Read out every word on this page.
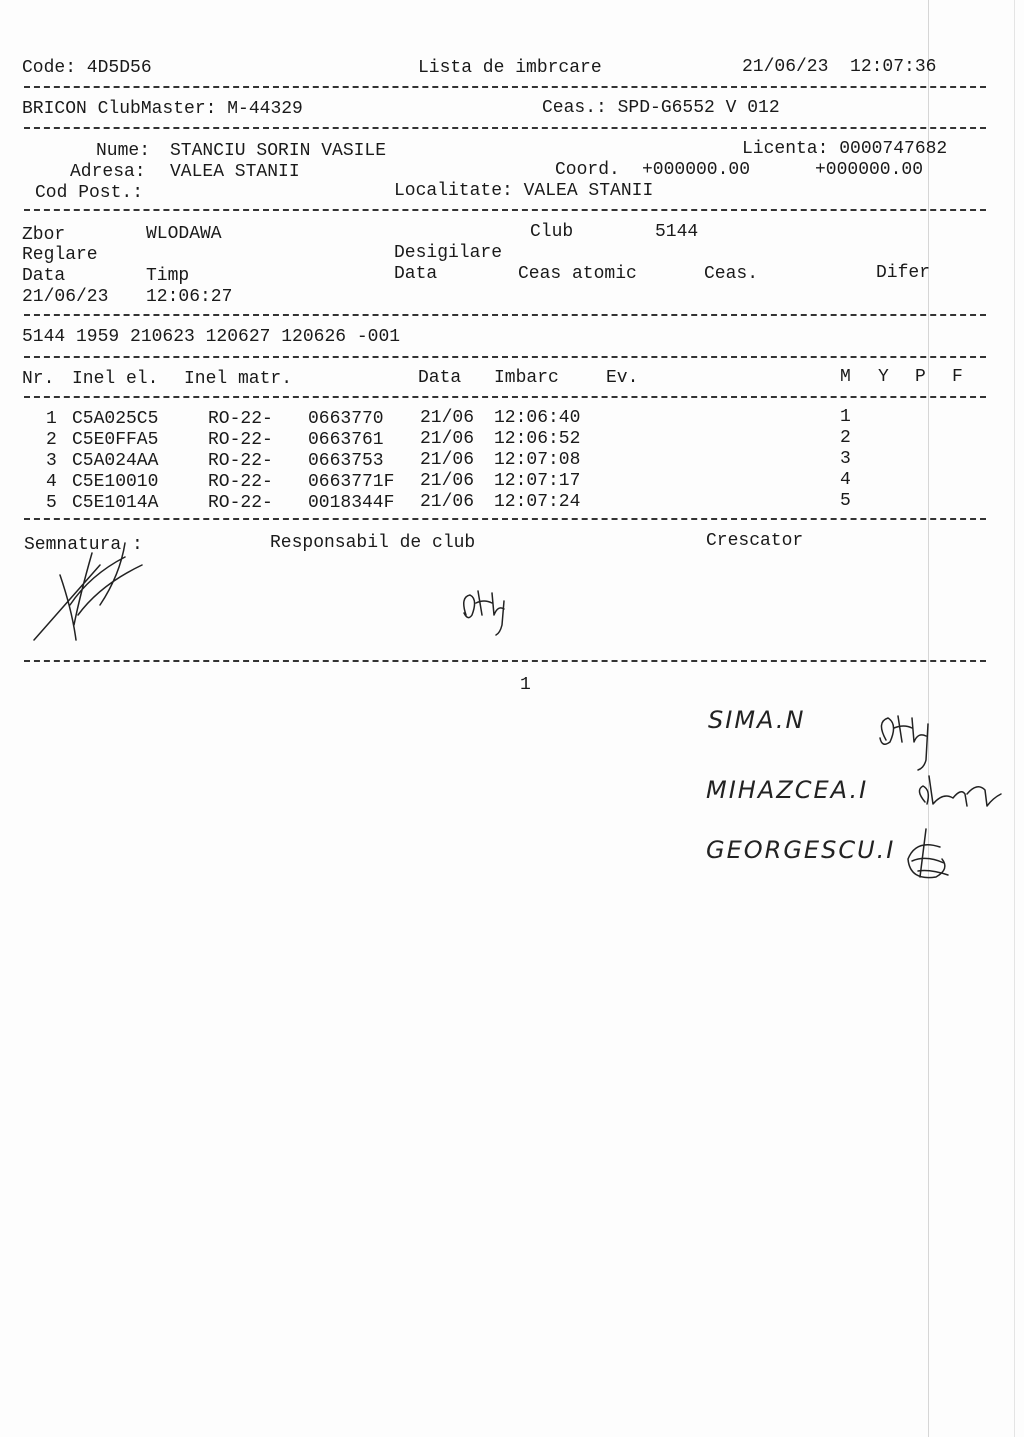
Code: 4D5D56	Lista de imbrcare	21/06/23  12:07:36
BRICON ClubMaster: M-44329	Ceas.: SPD-G6552 V 012
Nume: STANCIU SORIN VASILE	Licenta: 0000747682
Adresa: VALEA STANII	Coord. +000000.00	+000000.00
Cod Post.:	Localitate: VALEA STANII
Zbor	WLODAWA	Club	5144
Reglare	Desigilare
Data	Timp	Data	Ceas atomic	Ceas.	Difer
21/06/23 12:06:27
5144 1959 210623 120627 120626 -001
Nr. Inel el. Inel matr.	Data Imbarc	Ev.	M Y P F
1 C5A025C5	RO-22- 0663770 21/06 12:06:40	1
2 C5E0FFA5	RO-22- 0663761 21/06 12:06:52	2
3 C5A024AA	RO-22- 0663753 21/06 12:07:08	3
4 C5E10010	RO-22- 0663771F 21/06 12:07:17	4
5 C5E1014A	RO-22- 0018344F 21/06 12:07:24	5
Semnatura :	Responsabil de club	Crescator
1
SIMA.N
MIHAZCEA.I
GEORGESCU.I
